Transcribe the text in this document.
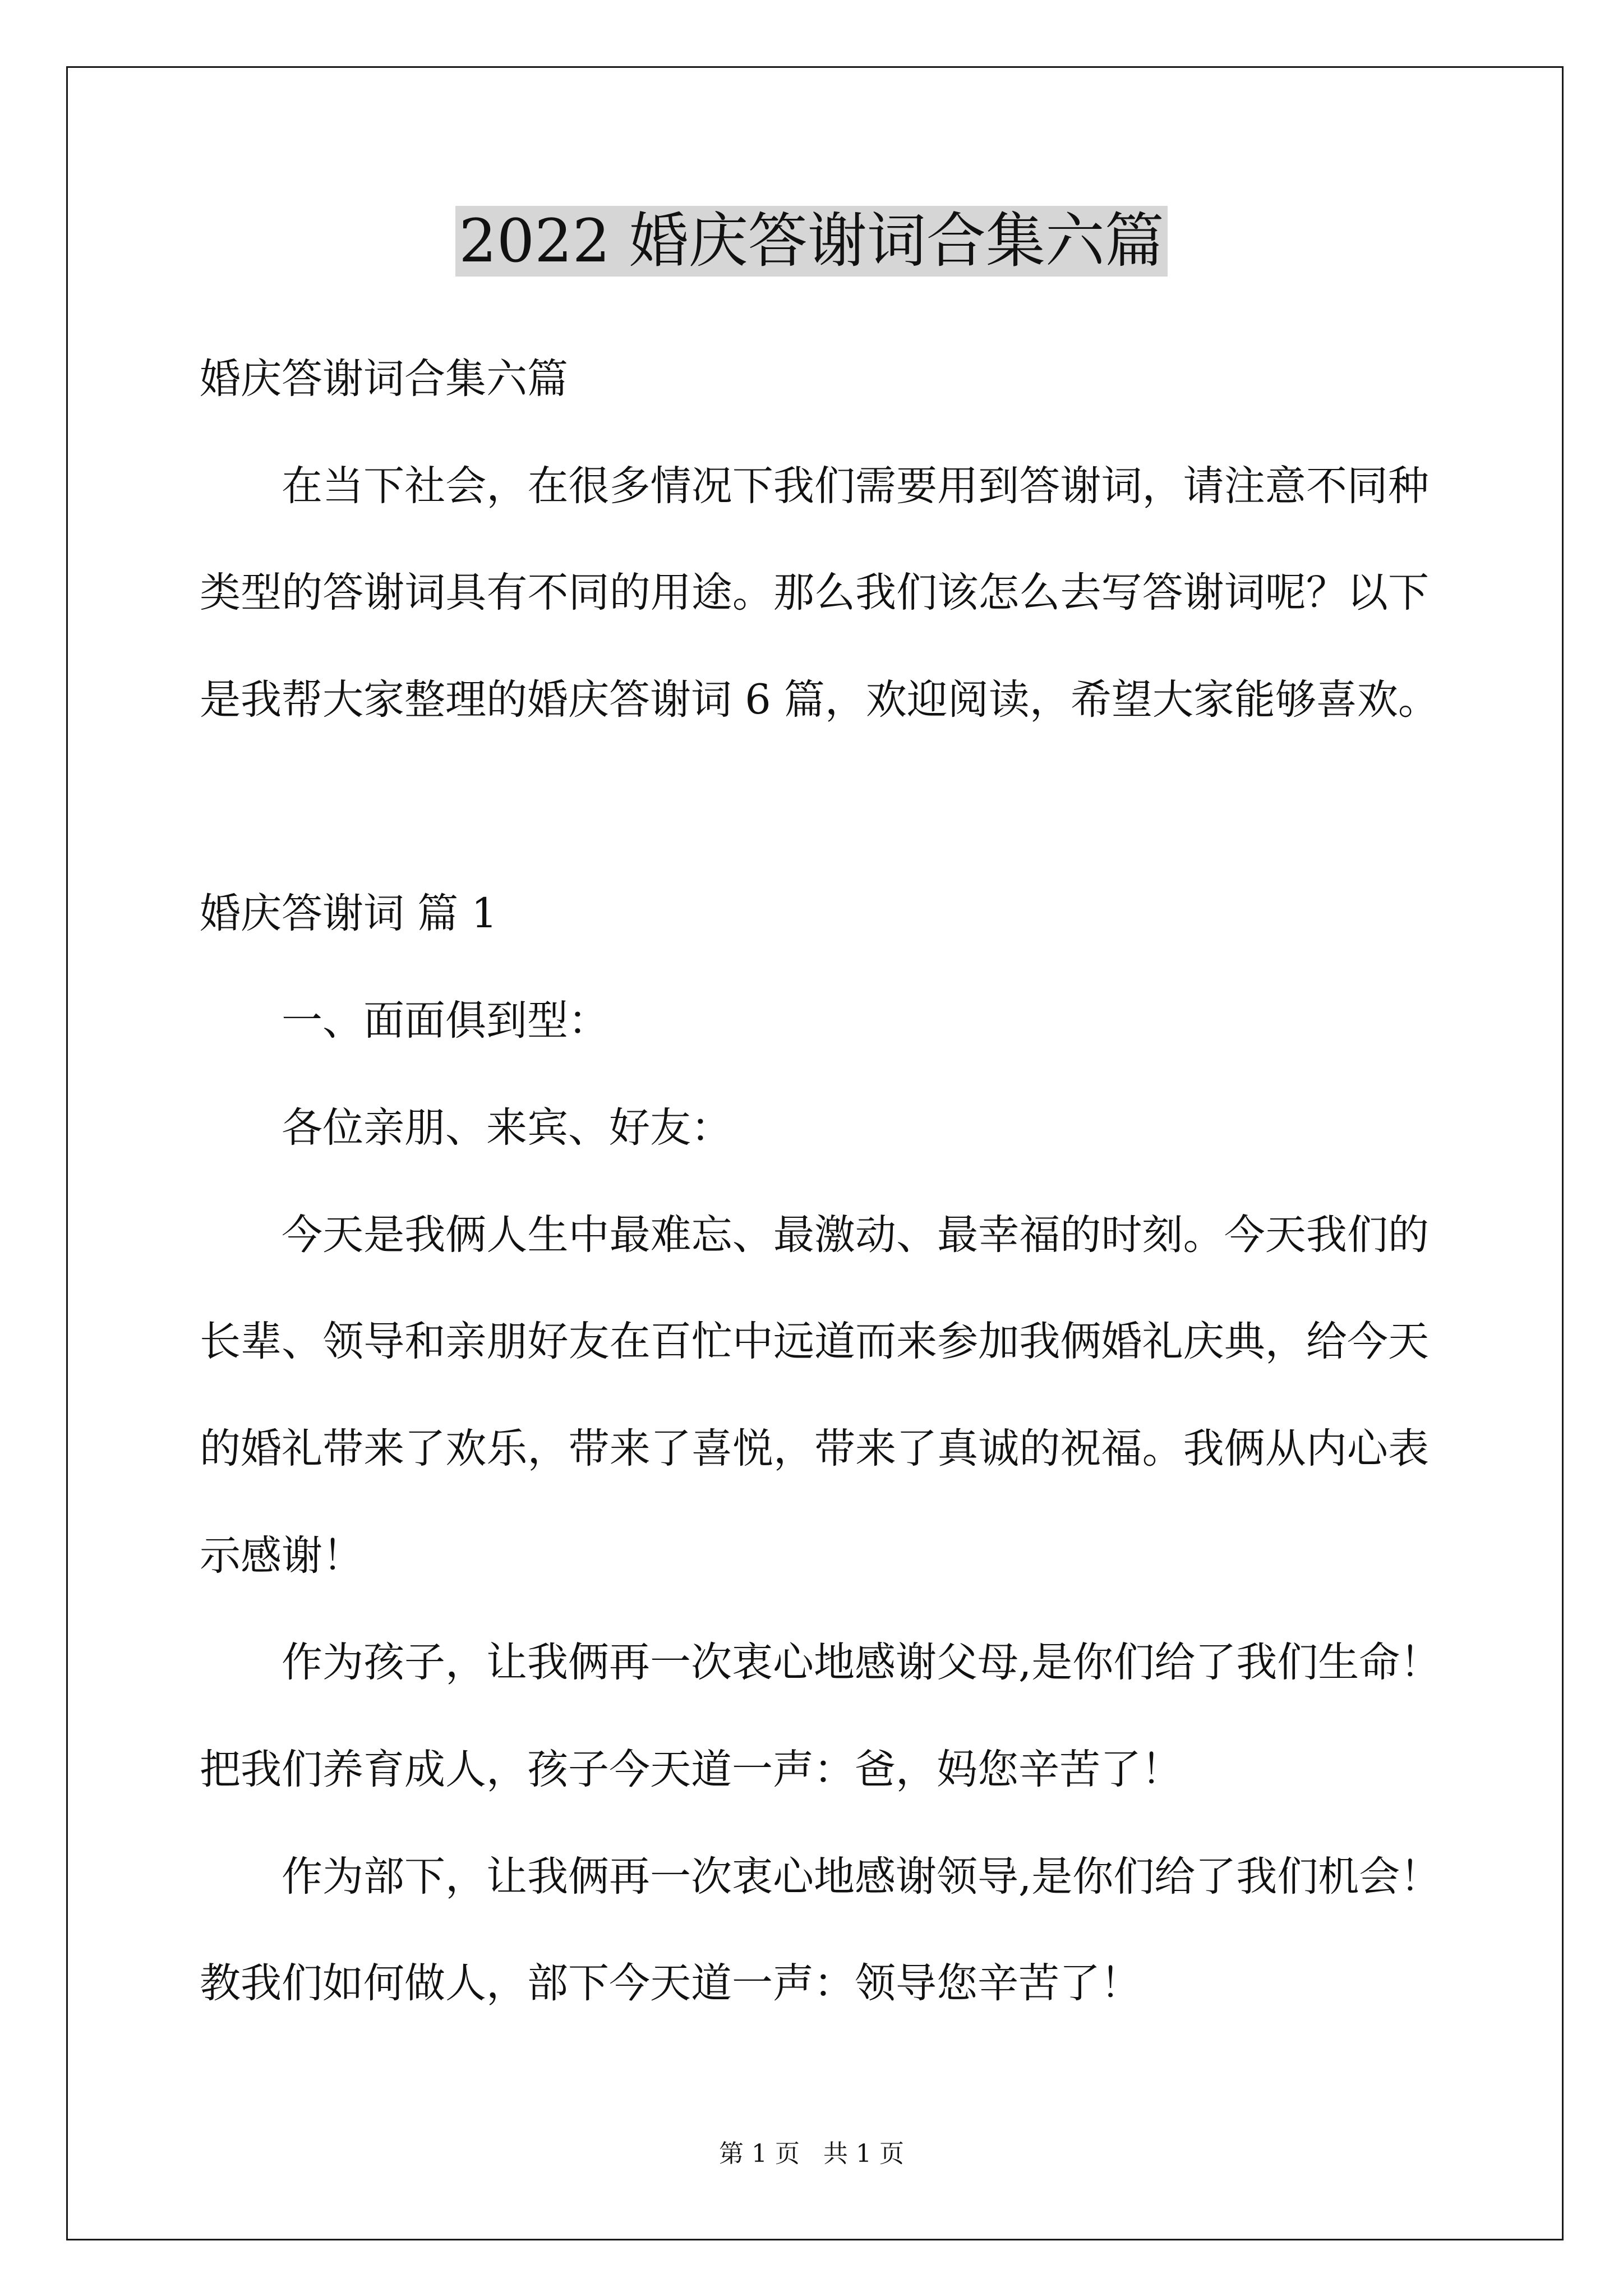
2022 婚庆答谢词合集六篇
婚庆答谢词合集六篇
在当下社会，在很多情况下我们需要用到答谢词，请注意不同种
类型的答谢词具有不同的用途。那么我们该怎么去写答谢词呢？以下
是我帮大家整理的婚庆答谢词 6 篇，欢迎阅读，希望大家能够喜欢。
婚庆答谢词 篇 1
一、面面俱到型：
各位亲朋、来宾、好友：
今天是我俩人生中最难忘、最激动、最幸福的时刻。今天我们的
长辈、领导和亲朋好友在百忙中远道而来参加我俩婚礼庆典，给今天
的婚礼带来了欢乐，带来了喜悦，带来了真诚的祝福。我俩从内心表
示感谢！
作为孩子，让我俩再一次衷心地感谢父母,是你们给了我们生命！
把我们养育成人，孩子今天道一声：爸，妈您辛苦了！
作为部下，让我俩再一次衷心地感谢领导,是你们给了我们机会！
教我们如何做人，部下今天道一声：领导您辛苦了！
第 1 页   共 1 页
